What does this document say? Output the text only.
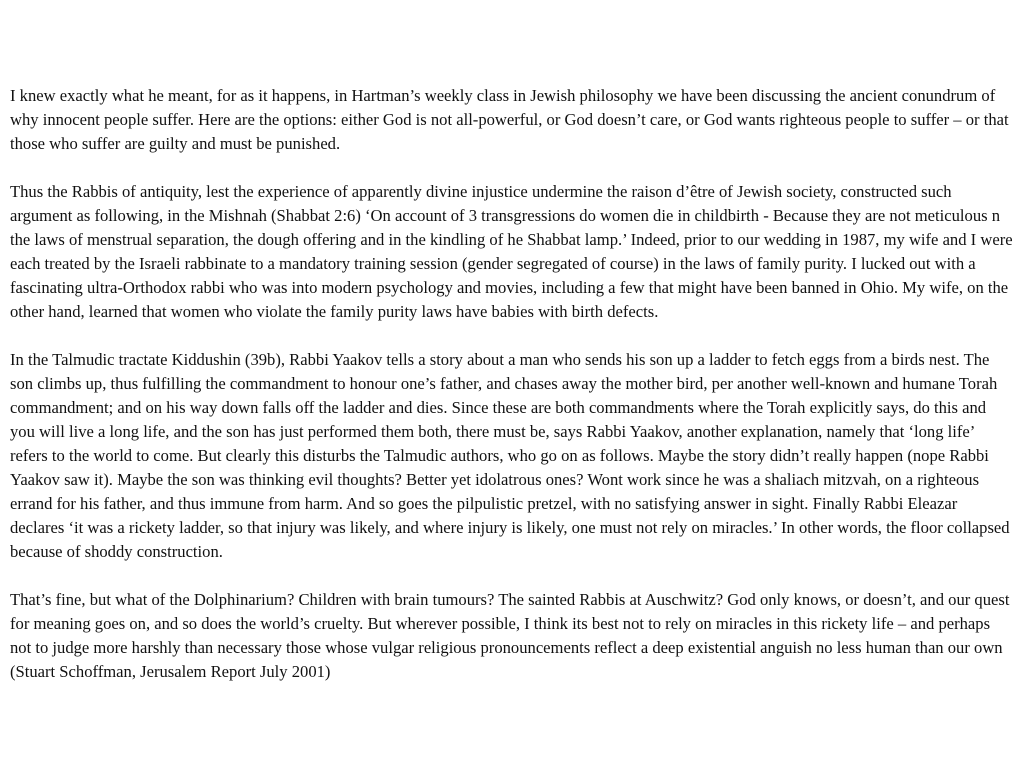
I knew exactly what he meant, for as it happens, in Hartman’s weekly class in Jewish philosophy we have been discussing the ancient conundrum of why innocent people suffer. Here are the options: either God is not all-powerful, or God doesn’t care, or God wants righteous people to suffer – or that those who suffer are guilty and must be punished.

Thus the Rabbis of antiquity, lest the experience of apparently divine injustice undermine the raison d’être of Jewish society, constructed such argument as following, in the Mishnah (Shabbat 2:6) ‘On account of 3 transgressions do women die in childbirth - Because they are not meticulous n the laws of menstrual separation, the dough offering and in the kindling of he Shabbat lamp.’ Indeed, prior to our wedding in 1987, my wife and I were each treated by the Israeli rabbinate to a mandatory training session (gender segregated of course) in the laws of family purity. I lucked out with a fascinating ultra-Orthodox rabbi who was into modern psychology and movies, including a few that might have been banned in Ohio. My wife, on the other hand, learned that women who violate the family purity laws have babies with birth defects.

In the Talmudic tractate Kiddushin (39b), Rabbi Yaakov tells a story about a man who sends his son up a ladder to fetch eggs from a birds nest. The son climbs up, thus fulfilling the commandment to honour one’s father, and chases away the mother bird, per another well-known and humane Torah commandment; and on his way down falls off the ladder and dies. Since these are both commandments where the Torah explicitly says, do this and you will live a long life, and the son has just performed them both, there must be, says Rabbi Yaakov, another explanation, namely that ‘long life’ refers to the world to come. But clearly this disturbs the Talmudic authors, who go on as follows. Maybe the story didn’t really happen (nope Rabbi Yaakov saw it). Maybe the son was thinking evil thoughts? Better yet idolatrous ones? Wont work since he was a shaliach mitzvah, on a righteous errand for his father, and thus immune from harm. And so goes the pilpulistic pretzel, with no satisfying answer in sight. Finally Rabbi Eleazar declares ‘it was a rickety ladder, so that injury was likely, and where injury is likely, one must not rely on miracles.’ In other words, the floor collapsed because of shoddy construction.

That’s fine, but what of the Dolphinarium? Children with brain tumours? The sainted Rabbis at Auschwitz? God only knows, or doesn’t, and our quest for meaning goes on, and so does the world’s cruelty. But wherever possible, I think its best not to rely on miracles in this rickety life – and perhaps not to judge more harshly than necessary those whose vulgar religious pronouncements reflect a deep existential anguish no less human than our own (Stuart Schoffman, Jerusalem Report July 2001)
